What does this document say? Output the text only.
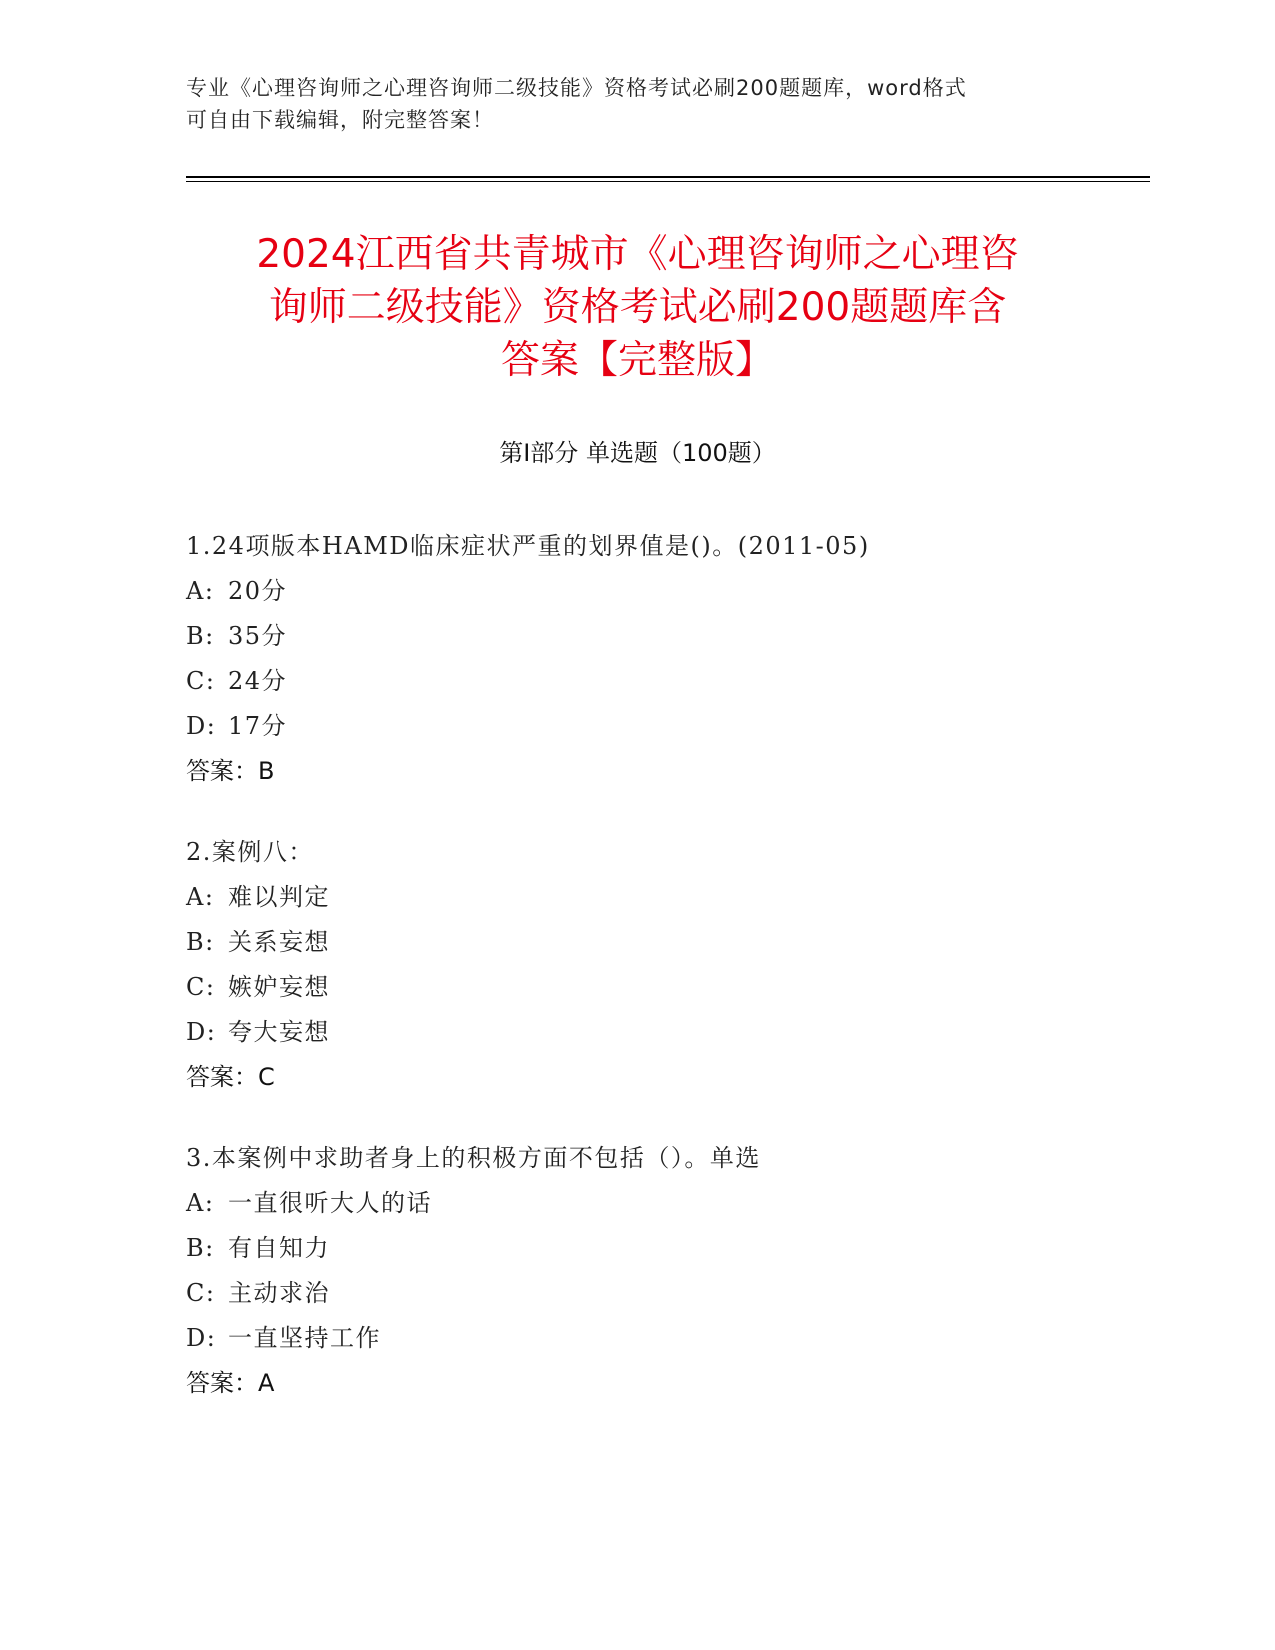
专业《心理咨询师之心理咨询师二级技能》资格考试必刷200题题库，word格式
可自由下载编辑，附完整答案！
2024江西省共青城市《心理咨询师之心理咨
询师二级技能》资格考试必刷200题题库含
答案【完整版】
第Ⅰ部分 单选题（100题）
1.24项版本HAMD临床症状严重的划界值是()。(2011-05)
A: 20分
B: 35分
C: 24分
D: 17分
答案：B
2.案例八：
A: 难以判定
B: 关系妄想
C: 嫉妒妄想
D: 夸大妄想
答案：C
3.本案例中求助者身上的积极方面不包括（）。单选
A: 一直很听大人的话
B: 有自知力
C: 主动求治
D: 一直坚持工作
答案：A
